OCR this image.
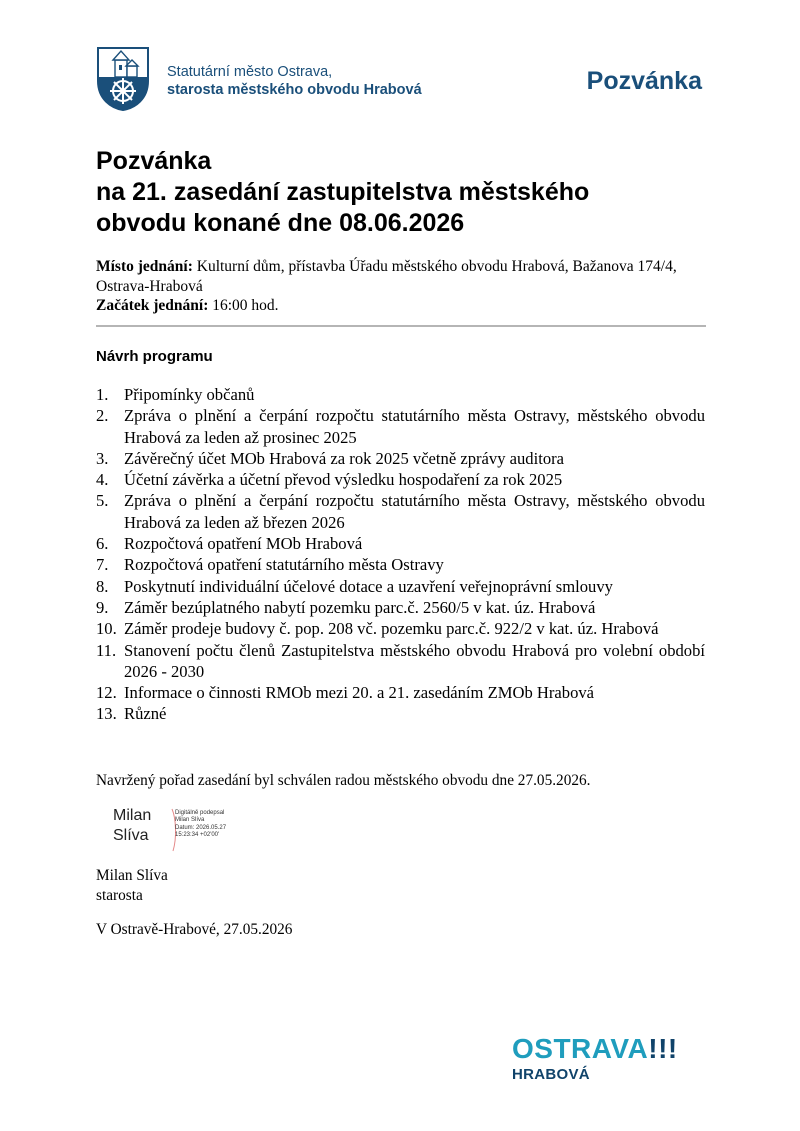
Statutární město Ostrava,
starosta městského obvodu Hrabová	Pozvánka
Pozvánka
na 21. zasedání zastupitelstva městského
obvodu konané dne 08.06.2026
Místo jednání: Kulturní dům, přístavba Úřadu městského obvodu Hrabová, Bažanova 174/4, Ostrava-Hrabová
Začátek jednání: 16:00 hod.
Návrh programu
1. Připomínky občanů
2. Zpráva o plnění a čerpání rozpočtu statutárního města Ostravy, městského obvodu Hrabová za leden až prosinec 2025
3. Závěrečný účet MOb Hrabová za rok 2025 včetně zprávy auditora
4. Účetní závěrka a účetní převod výsledku hospodaření za rok 2025
5. Zpráva o plnění a čerpání rozpočtu statutárního města Ostravy, městského obvodu Hrabová za leden až březen 2026
6. Rozpočtová opatření MOb Hrabová
7. Rozpočtová opatření statutárního města Ostravy
8. Poskytnutí individuální účelové dotace a uzavření veřejnoprávní smlouvy
9. Záměr bezúplatného nabytí pozemku parc.č. 2560/5 v kat. úz. Hrabová
10. Záměr prodeje budovy č. pop. 208 vč. pozemku parc.č. 922/2 v kat. úz. Hrabová
11. Stanovení počtu členů Zastupitelstva městského obvodu Hrabová pro volební období 2026 - 2030
12. Informace o činnosti RMOb mezi 20. a 21. zasedáním ZMOb Hrabová
13. Různé
Navržený pořad zasedání byl schválen radou městského obvodu dne 27.05.2026.
Milan
Slíva
Digitálně podepsal
Milan Slíva
Datum: 2026.05.27
15:23:34 +02'00'
Milan Slíva
starosta
V Ostravě-Hrabové, 27.05.2026
OSTRAVA!!!
HRABOVÁ
